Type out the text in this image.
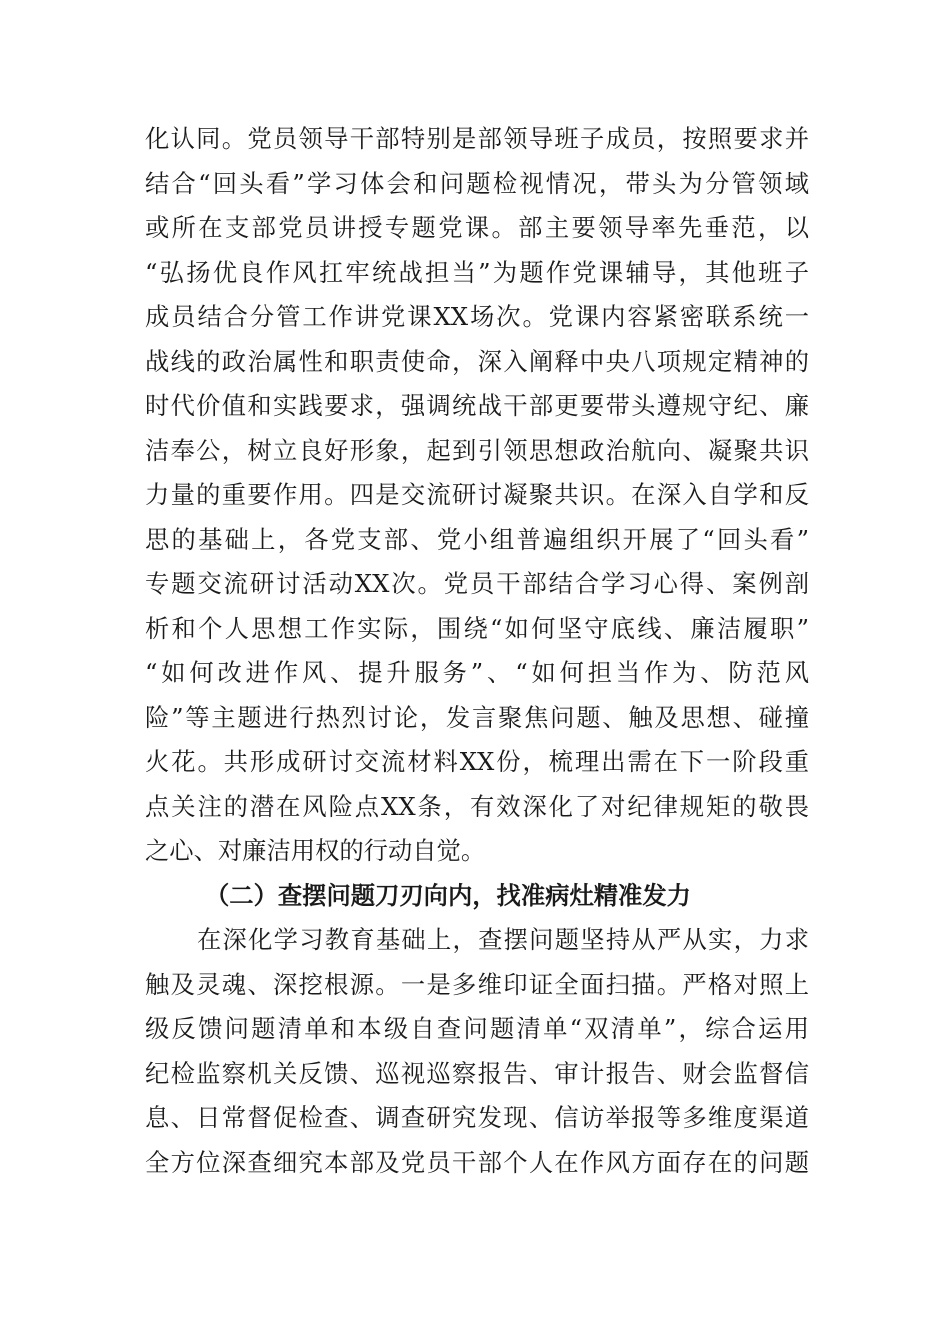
化认同。党员领导干部特别是部领导班子成员，按照要求并
结合“回头看”学习体会和问题检视情况，带头为分管领域
或所在支部党员讲授专题党课。部主要领导率先垂范，以
“弘扬优良作风扛牢统战担当”为题作党课辅导，其他班子
成员结合分管工作讲党课XX场次。党课内容紧密联系统一
战线的政治属性和职责使命，深入阐释中央八项规定精神的
时代价值和实践要求，强调统战干部更要带头遵规守纪、廉
洁奉公，树立良好形象，起到引领思想政治航向、凝聚共识
力量的重要作用。四是交流研讨凝聚共识。在深入自学和反
思的基础上，各党支部、党小组普遍组织开展了“回头看”
专题交流研讨活动XX次。党员干部结合学习心得、案例剖
析和个人思想工作实际，围绕“如何坚守底线、廉洁履职”
“如何改进作风、提升服务”、“如何担当作为、防范风
险”等主题进行热烈讨论，发言聚焦问题、触及思想、碰撞
火花。共形成研讨交流材料XX份，梳理出需在下一阶段重
点关注的潜在风险点XX条，有效深化了对纪律规矩的敬畏
之心、对廉洁用权的行动自觉。
（二）查摆问题刀刃向内，找准病灶精准发力
在深化学习教育基础上，查摆问题坚持从严从实，力求
触及灵魂、深挖根源。一是多维印证全面扫描。严格对照上
级反馈问题清单和本级自查问题清单“双清单”，综合运用
纪检监察机关反馈、巡视巡察报告、审计报告、财会监督信
息、日常督促检查、调查研究发现、信访举报等多维度渠道
全方位深查细究本部及党员干部个人在作风方面存在的问题
